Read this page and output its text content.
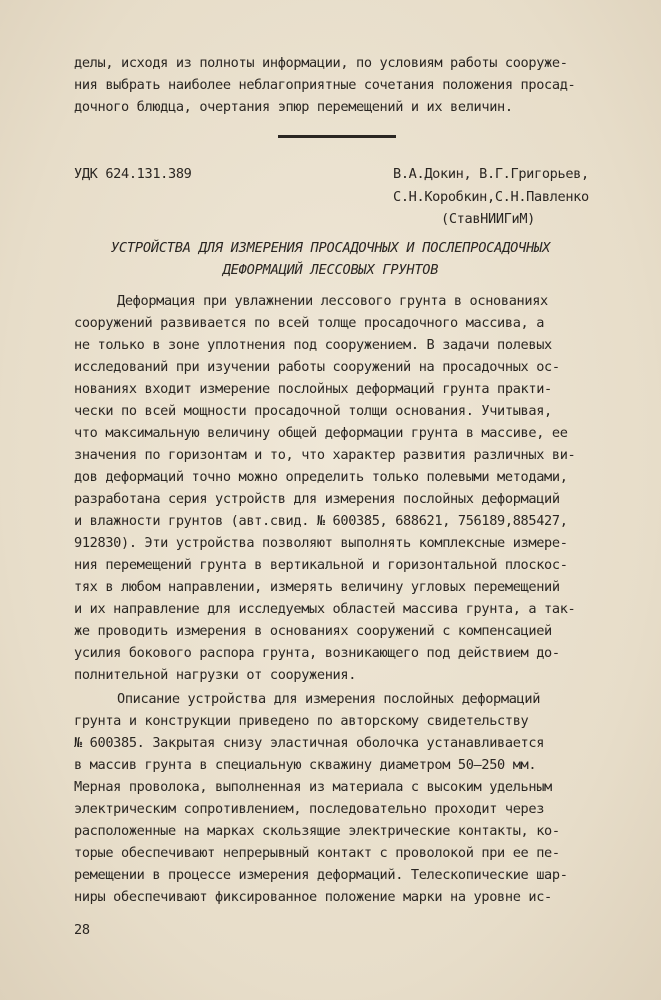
делы, исходя из полноты информации, по условиям работы сооруже-
ния выбрать наиболее неблагоприятные сочетания положения просад-
дочного блюдца, очертания эпюр перемещений и их величин.
УДК 624.131.389	В.А.Докин, В.Г.Григорьев,
С.Н.Коробкин,С.Н.Павленко
(СтавНИИГиМ)
УСТРОЙСТВА ДЛЯ ИЗМЕРЕНИЯ ПРОСАДОЧНЫХ И ПОСЛЕПРОСАДОЧНЫХ
ДЕФОРМАЦИЙ ЛЕССОВЫХ ГРУНТОВ
Деформация при увлажнении лессового грунта в основаниях
сооружений развивается по всей толще просадочного массива, а
не только в зоне уплотнения под сооружением. В задачи полевых
исследований при изучении работы сооружений на просадочных ос-
нованиях входит измерение послойных деформаций грунта практи-
чески по всей мощности просадочной толщи основания. Учитывая,
что максимальную величину общей деформации грунта в массиве, ее
значения по горизонтам и то, что характер развития различных ви-
дов деформаций точно можно определить только полевыми методами,
разработана серия устройств для измерения послойных деформаций
и влажности грунтов (авт.свид. № 600385, 688621, 756189,885427,
912830). Эти устройства позволяют выполнять комплексные измере-
ния перемещений грунта в вертикальной и горизонтальной плоскос-
тях в любом направлении, измерять величину угловых перемещений
и их направление для исследуемых областей массива грунта, а так-
же проводить измерения в основаниях сооружений с компенсацией
усилия бокового распора грунта, возникающего под действием до-
полнительной нагрузки от сооружения.
Описание устройства для измерения послойных деформаций
грунта и конструкции приведено по авторскому свидетельству
№ 600385. Закрытая снизу эластичная оболочка устанавливается
в массив грунта в специальную скважину диаметром 50–250 мм.
Мерная проволока, выполненная из материала с высоким удельным
электрическим сопротивлением, последовательно проходит через
расположенные на марках скользящие электрические контакты, ко-
торые обеспечивают непрерывный контакт с проволокой при ее пе-
ремещении в процессе измерения деформаций. Телескопические шар-
ниры обеспечивают фиксированное положение марки на уровне ис-
28
